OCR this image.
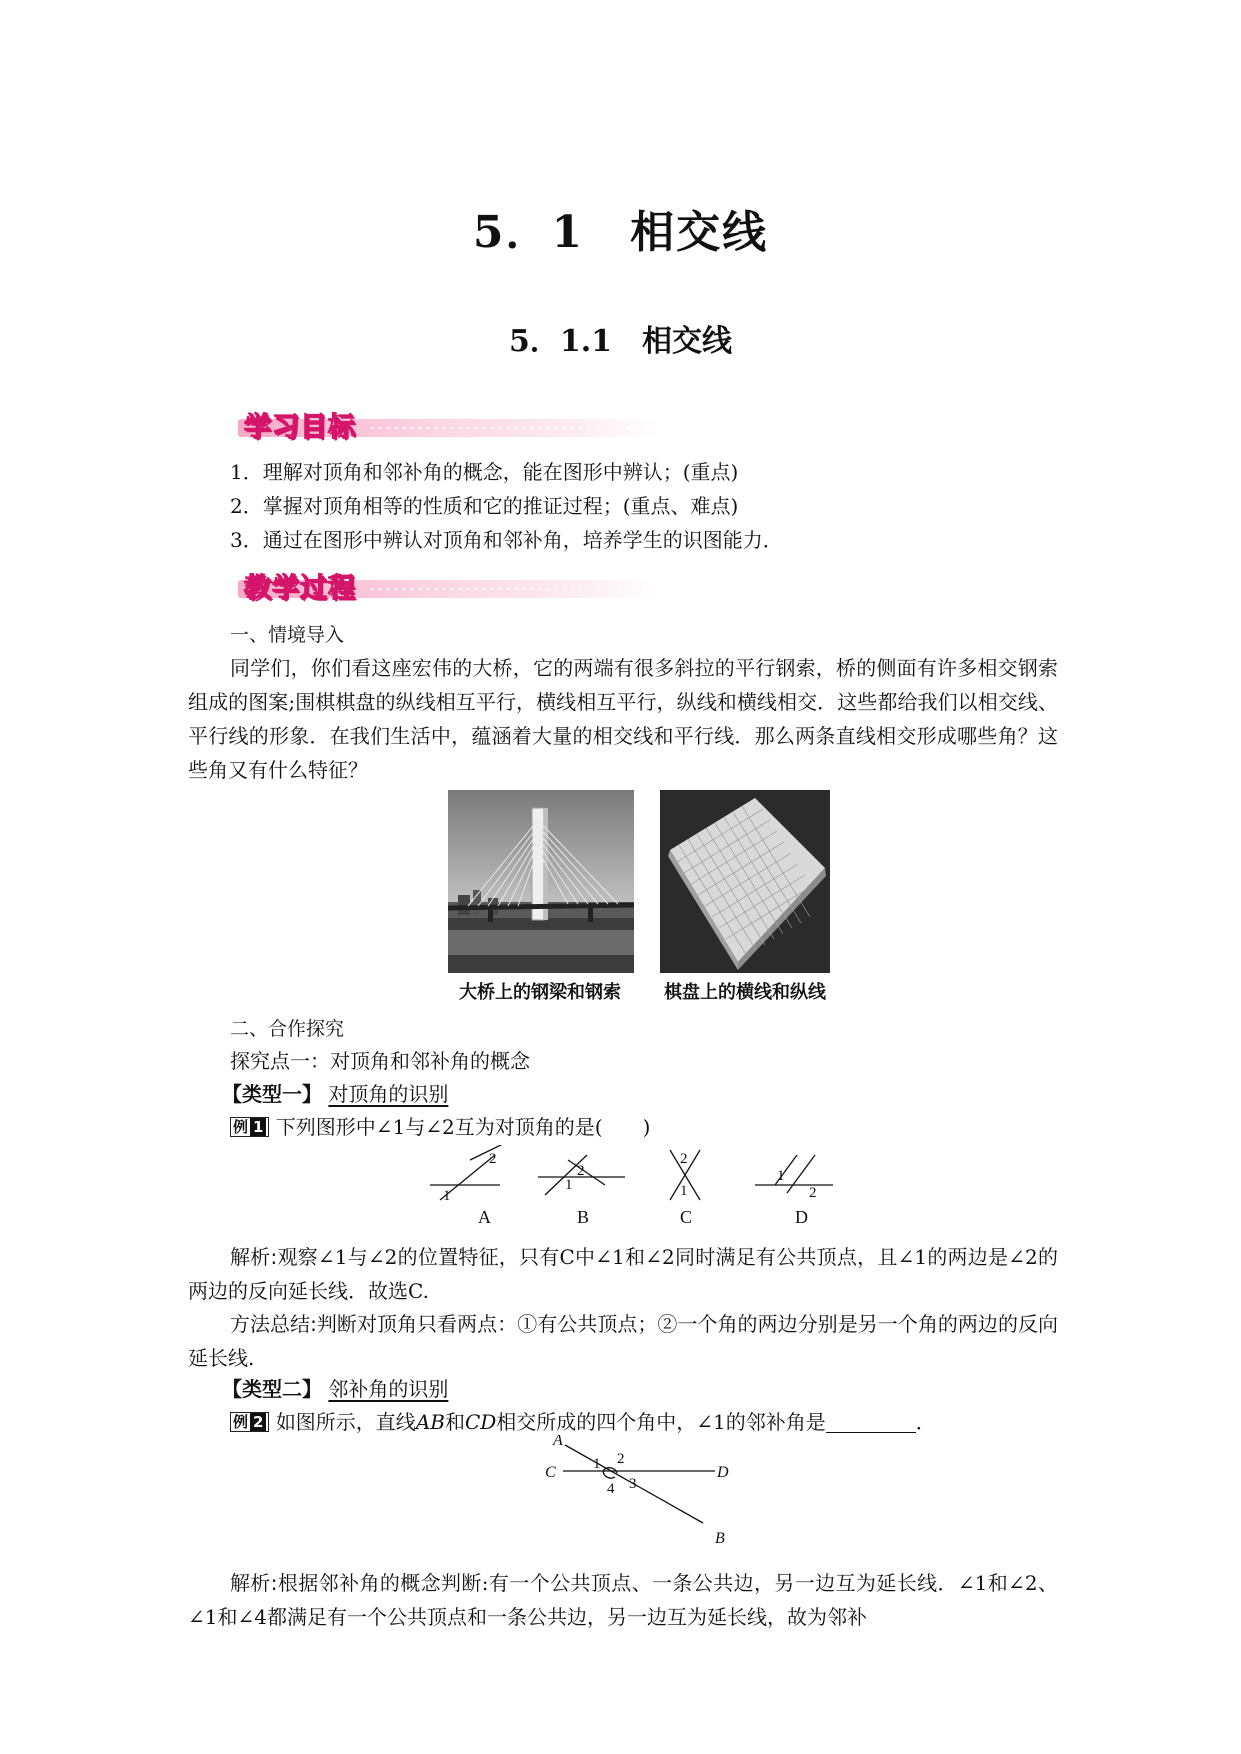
5．1　相交线
5．1.1　相交线
学习目标
1．理解对顶角和邻补角的概念，能在图形中辨认；(重点)
2．掌握对顶角相等的性质和它的推证过程；(重点、难点)
3．通过在图形中辨认对顶角和邻补角，培养学生的识图能力．
教学过程
一、情境导入
同学们，你们看这座宏伟的大桥，它的两端有很多斜拉的平行钢索，桥的侧面有许多相交钢索组成的图案;围棋棋盘的纵线相互平行，横线相互平行，纵线和横线相交．这些都给我们以相交线、平行线的形象．在我们生活中，蕴涵着大量的相交线和平行线．那么两条直线相交形成哪些角？这些角又有什么特征？
大桥上的钢梁和钢索	棋盘上的横线和纵线
二、合作探究
探究点一：对顶角和邻补角的概念
【类型一】 对顶角的识别
例 1 下列图形中∠1与∠2互为对顶角的是(　　)
1
2
1
2
2
1
1
2
A	B	C	D
解析:观察∠1与∠2的位置特征，只有C中∠1和∠2同时满足有公共顶点，且∠1的两边是∠2的两边的反向延长线．故选C.
方法总结:判断对顶角只看两点：①有公共顶点；②一个角的两边分别是另一个角的两边的反向延长线.
【类型二】 邻补角的识别
例 2 如图所示，直线AB和CD相交所成的四个角中，∠1的邻补角是	．
A
B
C	D
1 2
3
4
解析:根据邻补角的概念判断:有一个公共顶点、一条公共边，另一边互为延长线．∠1和∠2、∠1和∠4都满足有一个公共顶点和一条公共边，另一边互为延长线，故为邻补
